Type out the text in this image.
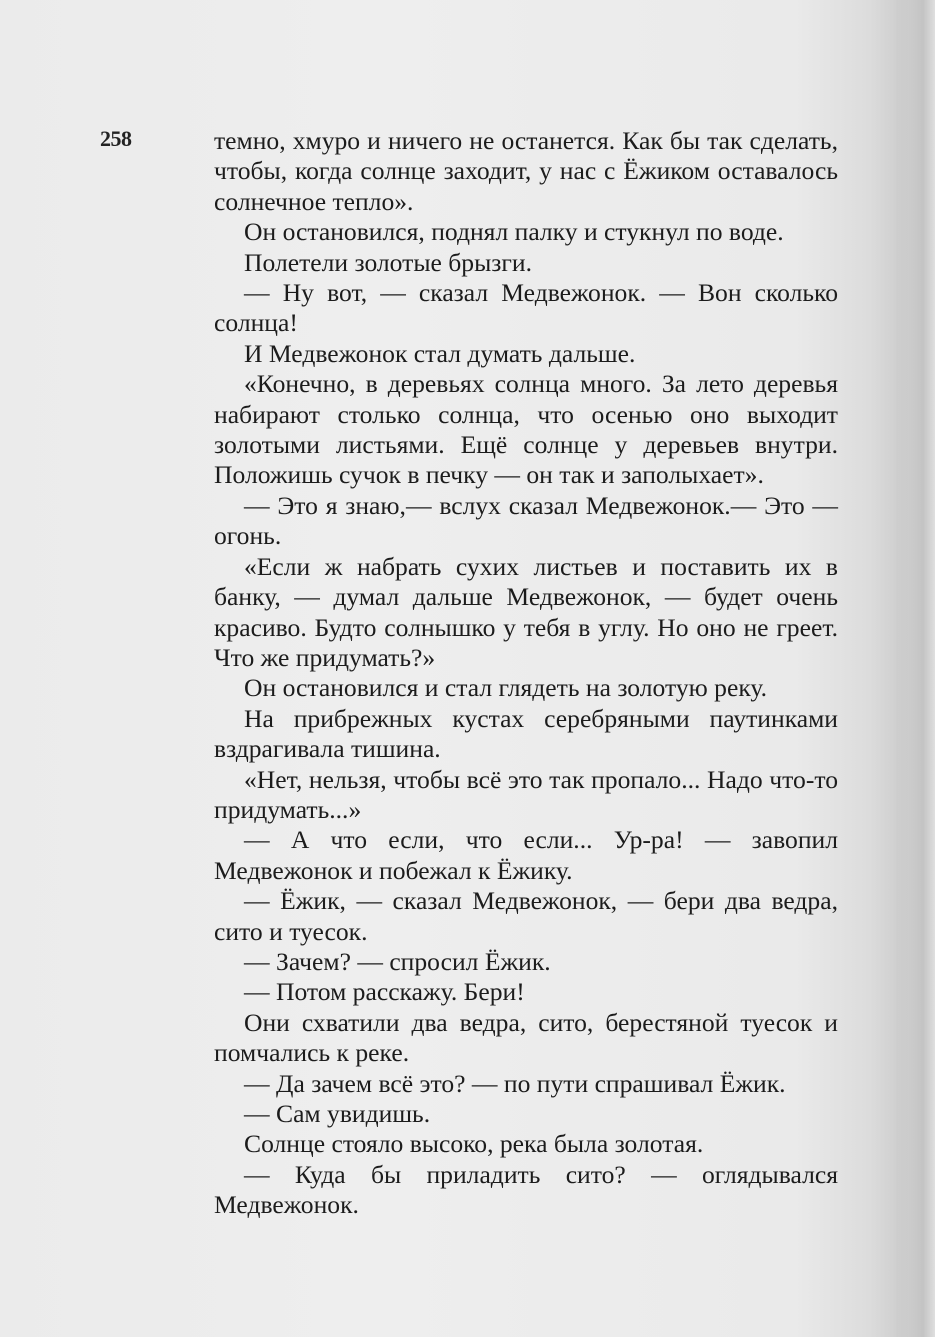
258	темно, хмуро и ничего не останется. Как бы так сделать, чтобы, когда солнце заходит, у нас с Ёжиком оставалось солнечное тепло».

Он остановился, поднял палку и стукнул по воде.

Полетели золотые брызги.

— Ну вот, — сказал Медвежонок. — Вон сколько солнца!

И Медвежонок стал думать дальше.

«Конечно, в деревьях солнца много. За лето деревья набирают столько солнца, что осенью оно выходит золотыми листьями. Ещё солнце у деревьев внутри. Положишь сучок в печку — он так и заполыхает».

— Это я знаю,— вслух сказал Медвежонок.— Это — огонь.

«Если ж набрать сухих листьев и поставить их в банку, — думал дальше Медвежонок, — будет очень красиво. Будто солнышко у тебя в углу. Но оно не греет. Что же придумать?»

Он остановился и стал глядеть на золотую реку.

На прибрежных кустах серебряными паутинками вздрагивала тишина.

«Нет, нельзя, чтобы всё это так пропало... Надо что-то придумать...»

— А что если, что если... Ур-ра! — завопил Медвежонок и побежал к Ёжику.

— Ёжик, — сказал Медвежонок, — бери два ведра, сито и туесок.

— Зачем? — спросил Ёжик.

— Потом расскажу. Бери!

Они схватили два ведра, сито, берестяной туесок и помчались к реке.

— Да зачем всё это? — по пути спрашивал Ёжик.

— Сам увидишь.

Солнце стояло высоко, река была золотая.

— Куда бы приладить сито? — оглядывался Медвежонок.
